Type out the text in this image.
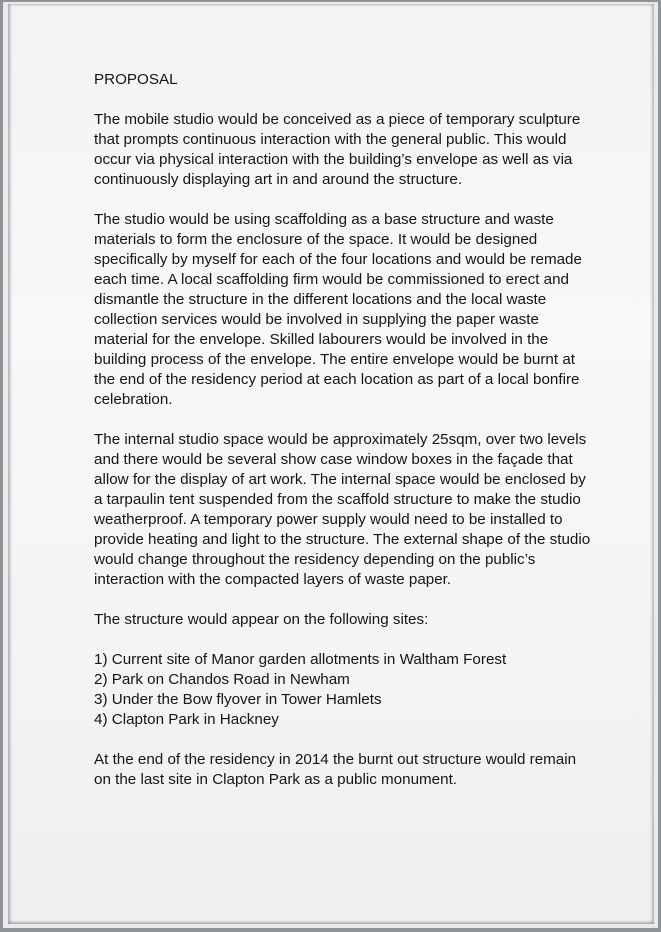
PROPOSAL

The mobile studio would be conceived as a piece of temporary sculpture that prompts continuous interaction with the general public. This would occur via physical interaction with the building’s envelope as well as via continuously displaying art in and around the structure.

The studio would be using scaffolding as a base structure and waste materials to form the enclosure of the space. It would be designed specifically by myself for each of the four locations and would be remade each time. A local scaffolding firm would be commissioned to erect and dismantle the structure in the different locations and the local waste collection services would be involved in supplying the paper waste material for the envelope. Skilled labourers would be involved in the building process of the envelope. The entire envelope would be burnt at the end of the residency period at each location as part of a local bonfire celebration.

The internal studio space would be approximately 25sqm, over two levels and there would be several show case window boxes in the façade that allow for the display of art work. The internal space would be enclosed by a tarpaulin tent suspended from the scaffold structure to make the studio weatherproof. A temporary power supply would need to be installed to provide heating and light to the structure. The external shape of the studio would change throughout the residency depending on the public’s interaction with the compacted layers of waste paper.

The structure would appear on the following sites:

1) Current site of Manor garden allotments in Waltham Forest
2) Park on Chandos Road in Newham
3) Under the Bow flyover in Tower Hamlets
4) Clapton Park in Hackney

At the end of the residency in 2014 the burnt out structure would remain on the last site in Clapton Park as a public monument.
